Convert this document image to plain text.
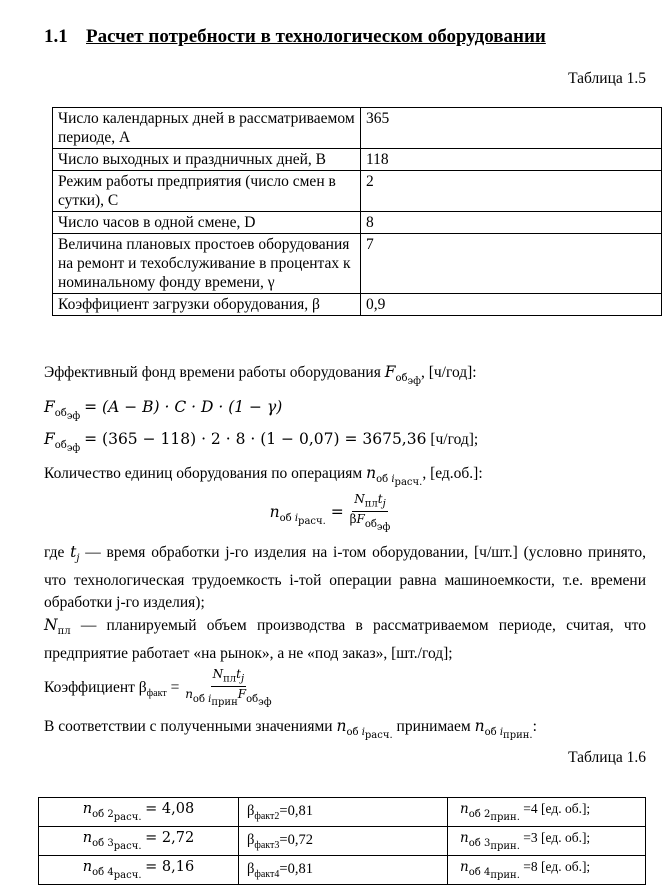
1.1 Расчет потребности в технологическом оборудовании
Таблица 1.5
Число календарных дней в рассматриваемом периоде, А	365
Число выходных и праздничных дней, В	118
Режим работы предприятия (число смен в сутки), С	2
Число часов в одной смене, D	8
Величина плановых простоев оборудования на ремонт и техобслуживание в процентах к номинальному фонду времени, γ	7
Коэффициент загрузки оборудования, β	0,9
Эффективный фонд времени работы оборудования $F_{об_{эф}}$, [ч/год]:
$F_{об_{эф}} = (A - B) \cdot C \cdot D \cdot (1 - \gamma)$
$F_{об_{эф}} = (365 - 118) \cdot 2 \cdot 8 \cdot (1 - 0,07) = 3675,36$ [ч/год];
Количество единиц оборудования по операциям $n_{об i_{расч.}}$, [ед.об.]:
$n_{об i_{расч.}} = \frac{N_{пл}t_j}{\beta F_{об_{эф}}}$
где $t_j$ — время обработки j-го изделия на i-том оборудовании, [ч/шт.] (условно принято, что технологическая трудоемкость i-той операции равна машиноемкости, т.е. времени обработки j-го изделия);
$N_{пл}$ — планируемый объем производства в рассматриваемом периоде, считая, что предприятие работает «на рынок», а не «под заказ», [шт./год];
Коэффициент $\beta_{факт} = \frac{N_{пл}t_j}{n_{об i_{прин}}F_{об_{эф}}}$
В соответствии с полученными значениями $n_{об i_{расч.}}$ принимаем $n_{об i_{прин.}}$:
Таблица 1.6
$n_{об 2_{расч.}} = 4,08$	$\beta_{факт2}=0,81$	$n_{об 2_{прин.}} =4$ [ед. об.];
$n_{об 3_{расч.}} = 2,72$	$\beta_{факт3}=0,72$	$n_{об 3_{прин.}} =3$ [ед. об.];
$n_{об 4_{расч.}} = 8,16$	$\beta_{факт4}=0,81$	$n_{об 4_{прин.}} =8$ [ед. об.];
